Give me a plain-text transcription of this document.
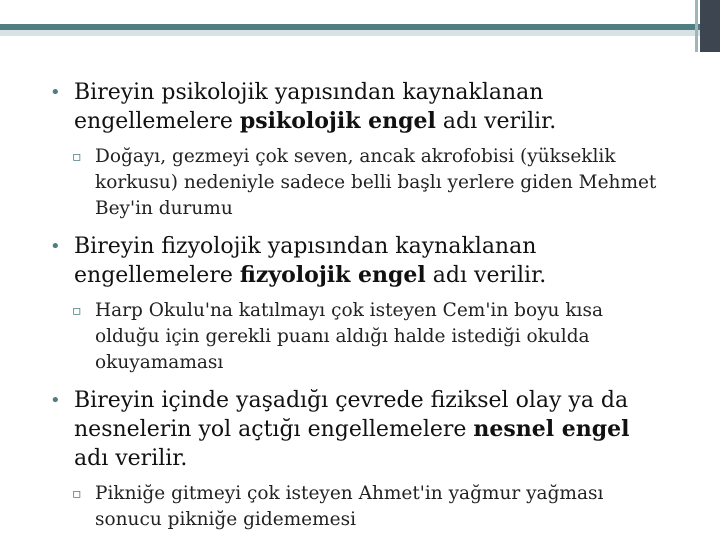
• Bireyin psikolojik yapısından kaynaklanan engellemelere psikolojik engel adı verilir.
▫ Doğayı, gezmeyi çok seven, ancak akrofobisi (yükseklik korkusu) nedeniyle sadece belli başlı yerlere giden Mehmet Bey'in durumu
• Bireyin fizyolojik yapısından kaynaklanan engellemelere fizyolojik engel adı verilir.
▫ Harp Okulu'na katılmayı çok isteyen Cem'in boyu kısa olduğu için gerekli puanı aldığı halde istediği okulda okuyamaması
• Bireyin içinde yaşadığı çevrede fiziksel olay ya da nesnelerin yol açtığı engellemelere nesnel engel adı verilir.
▫ Pikniğe gitmeyi çok isteyen Ahmet'in yağmur yağması sonucu pikniğe gidememesi
